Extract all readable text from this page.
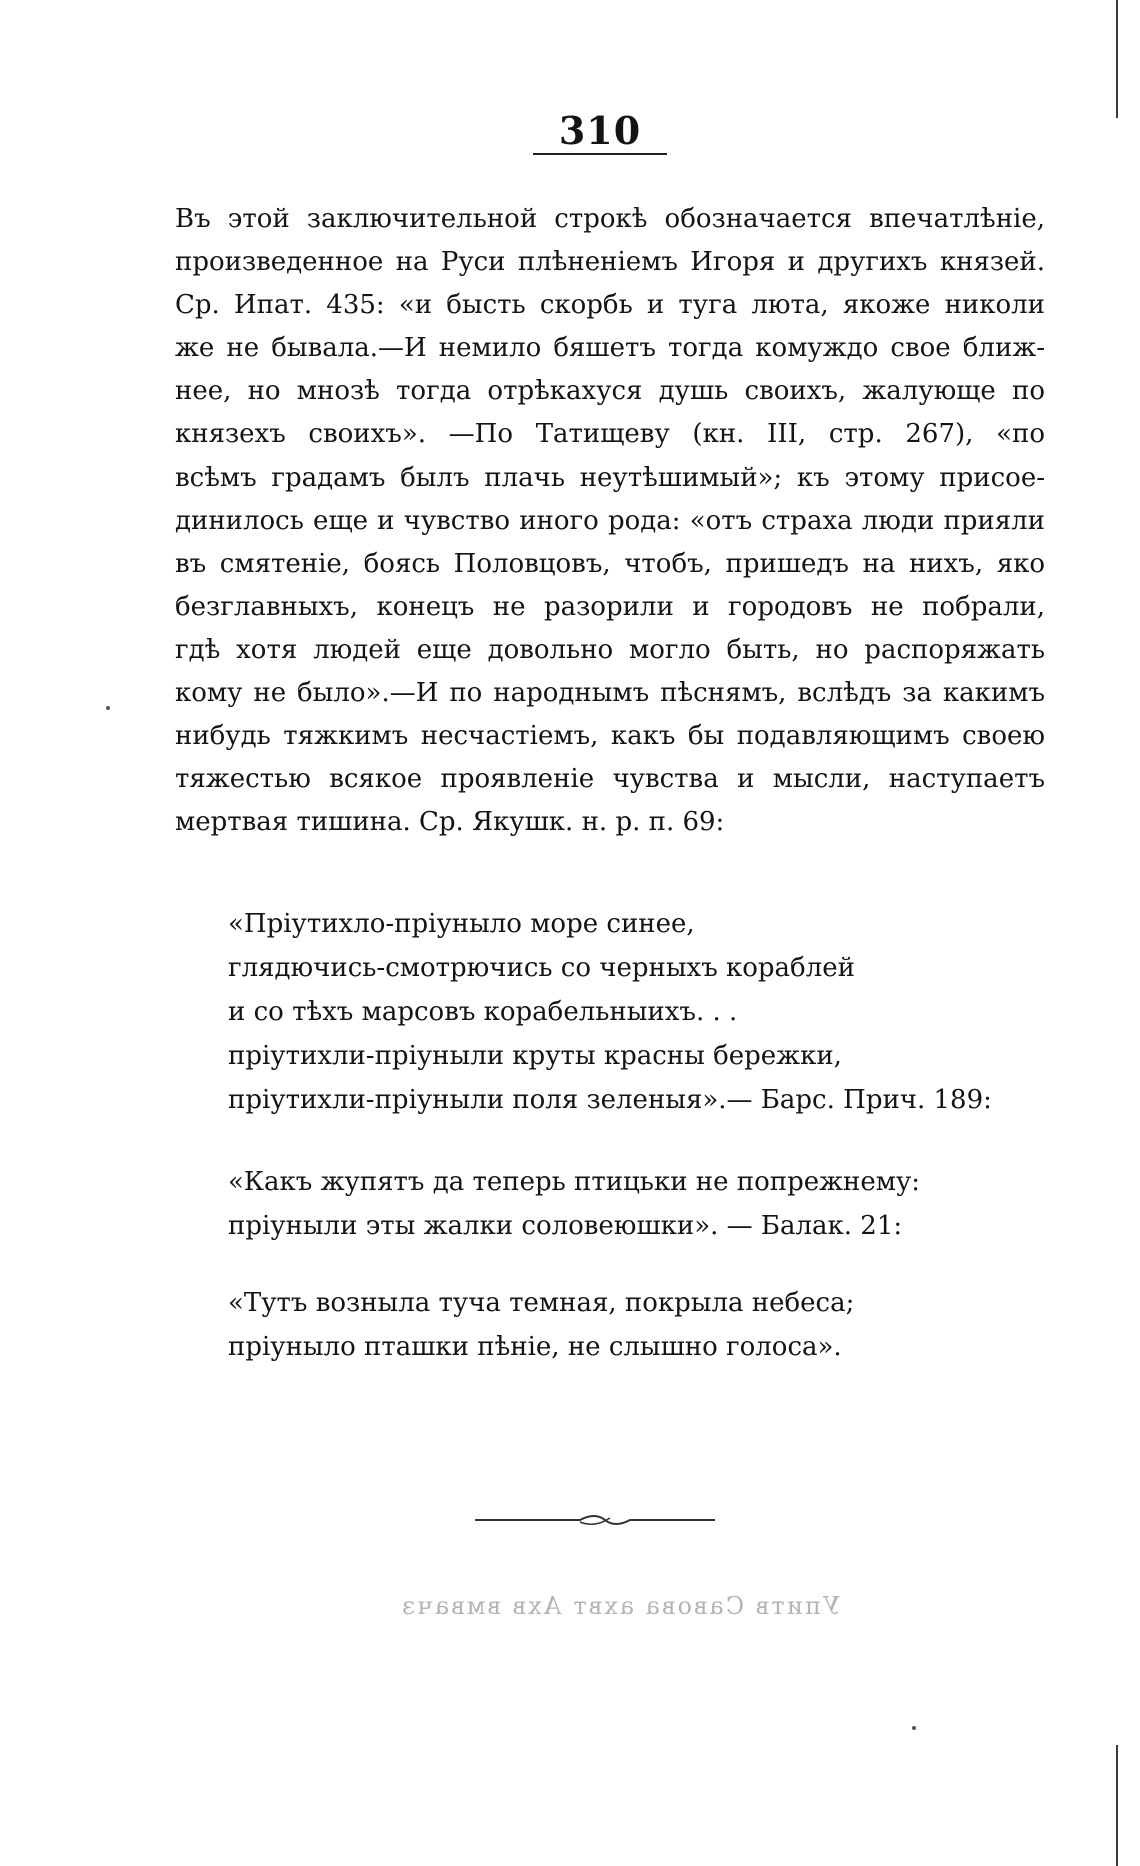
310
Въ этой заключительной строкѣ обозначается впечатлѣніе,
произведенное на Руси плѣненіемъ Игоря и другихъ князей.
Ср. Ипат. 435: «и бысть скорбь и туга люта, якоже николи
же не бывала.—И немило бяшетъ тогда комуждо свое ближ-
нее, но мнозѣ тогда отрѣкахуся душь своихъ, жалующе по
князехъ своихъ». —По Татищеву (кн. III, стр. 267), «по
всѣмъ градамъ былъ плачь неутѣшимый»; къ этому присое-
динилось еще и чувство иного рода: «отъ страха люди прияли
въ смятеніе, боясь Половцовъ, чтобъ, пришедъ на нихъ, яко
безглавныхъ, конецъ не разорили и городовъ не побрали,
гдѣ хотя людей еще довольно могло быть, но распоряжать
кому не было».—И по народнымъ пѣснямъ, вслѣдъ за какимъ
нибудь тяжкимъ несчастіемъ, какъ бы подавляющимъ своею
тяжестью всякое проявленіе чувства и мысли, наступаетъ
мертвая тишина. Ср. Якушк. н. р. п. 69:
«Пріутихло-пріуныло море синее,
глядючись-смотрючись со черныхъ кораблей
и со тѣхъ марсовъ корабельныихъ. . .
пріутихли-пріуныли круты красны бережки,
пріутихли-пріуныли поля зеленыя».— Барс. Прич. 189:
«Какъ жупятъ да теперь птицьки не попрежнему:
пріуныли эты жалки соловеюшки». — Балак. 21:
«Тутъ возныла туча темная, покрыла небеса;
пріуныло пташки пѣніе, не слышно голоса».
Упитв Савова ахвт Ахв вмвачз
